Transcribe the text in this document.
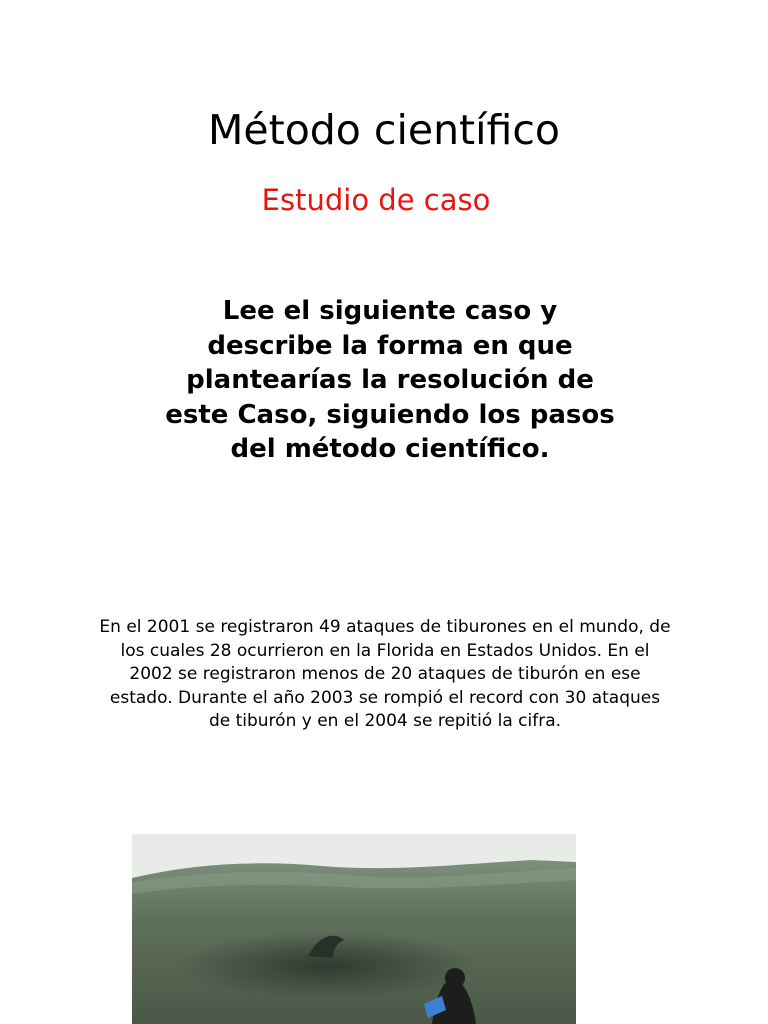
Método científico
Estudio de caso
Lee el siguiente caso y
describe la forma en que
plantearías la resolución de
este Caso, siguiendo los pasos
del método científico.
En el 2001 se registraron 49 ataques de tiburones en el mundo, de
los cuales 28 ocurrieron en la Florida en Estados Unidos. En el
2002 se registraron menos de 20 ataques de tiburón en ese
estado. Durante el año 2003 se rompió el record con 30 ataques
de tiburón y en el 2004 se repitió la cifra.
